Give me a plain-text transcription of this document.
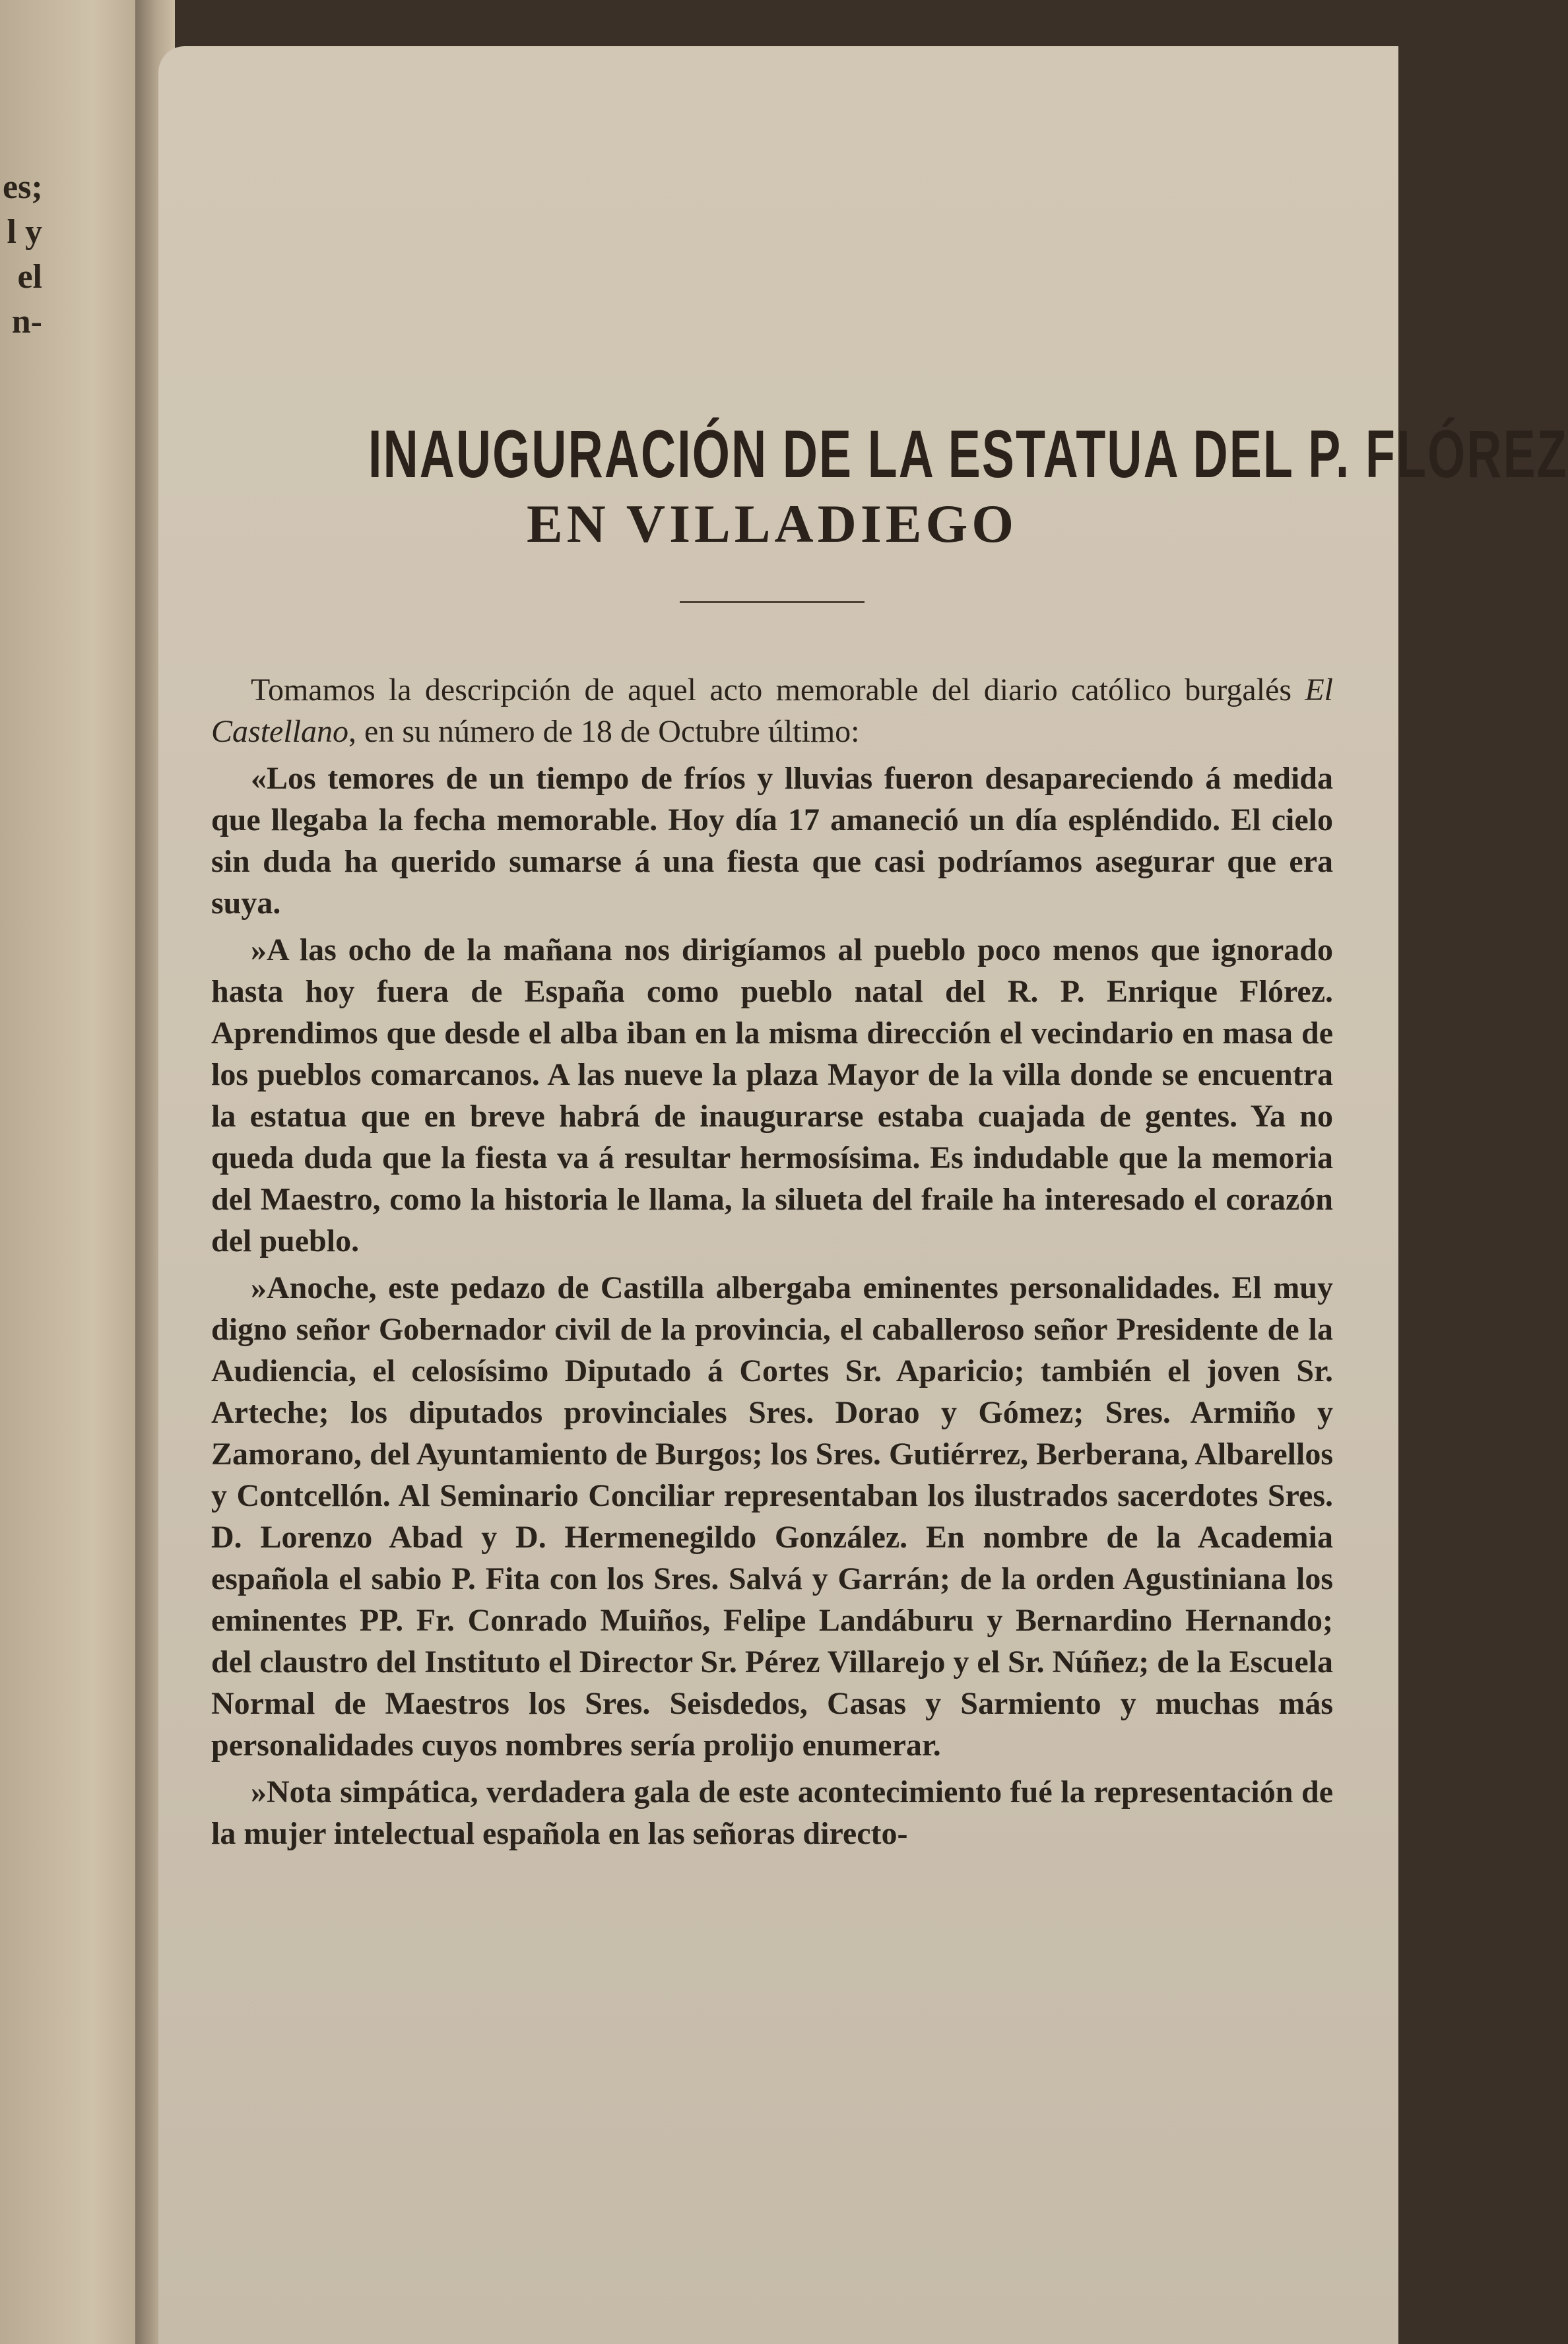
es;
l y
el
n-
INAUGURACIÓN DE LA ESTATUA DEL P. FLÓREZ
EN VILLADIEGO

Tomamos la descripción de aquel acto memorable del diario católico burgalés El Castellano, en su número de 18 de Octubre último:

«Los temores de un tiempo de fríos y lluvias fueron desapareciendo á medida que llegaba la fecha memorable. Hoy día 17 amaneció un día espléndido. El cielo sin duda ha querido sumarse á una fiesta que casi podríamos asegurar que era suya.

»A las ocho de la mañana nos dirigíamos al pueblo poco menos que ignorado hasta hoy fuera de España como pueblo natal del R. P. Enrique Flórez. Aprendimos que desde el alba iban en la misma dirección el vecindario en masa de los pueblos comarcanos. A las nueve la plaza Mayor de la villa donde se encuentra la estatua que en breve habrá de inaugurarse estaba cuajada de gentes. Ya no queda duda que la fiesta va á resultar hermosísima. Es indudable que la memoria del Maestro, como la historia le llama, la silueta del fraile ha interesado el corazón del pueblo.

»Anoche, este pedazo de Castilla albergaba eminentes personalidades. El muy digno señor Gobernador civil de la provincia, el caballeroso señor Presidente de la Audiencia, el celosísimo Diputado á Cortes Sr. Aparicio; también el joven Sr. Arteche; los diputados provinciales Sres. Dorao y Gómez; Sres. Armiño y Zamorano, del Ayuntamiento de Burgos; los Sres. Gutiérrez, Berberana, Albarellos y Contcellón. Al Seminario Conciliar representaban los ilustrados sacerdotes Sres. D. Lorenzo Abad y D. Hermenegildo González. En nombre de la Academia española el sabio P. Fita con los Sres. Salvá y Garrán; de la orden Agustiniana los eminentes PP. Fr. Conrado Muiños, Felipe Landáburu y Bernardino Hernando; del claustro del Instituto el Director Sr. Pérez Villarejo y el Sr. Núñez; de la Escuela Normal de Maestros los Sres. Seisdedos, Casas y Sarmiento y muchas más personalidades cuyos nombres sería prolijo enumerar.

»Nota simpática, verdadera gala de este acontecimiento fué la representación de la mujer intelectual española en las señoras directo-
